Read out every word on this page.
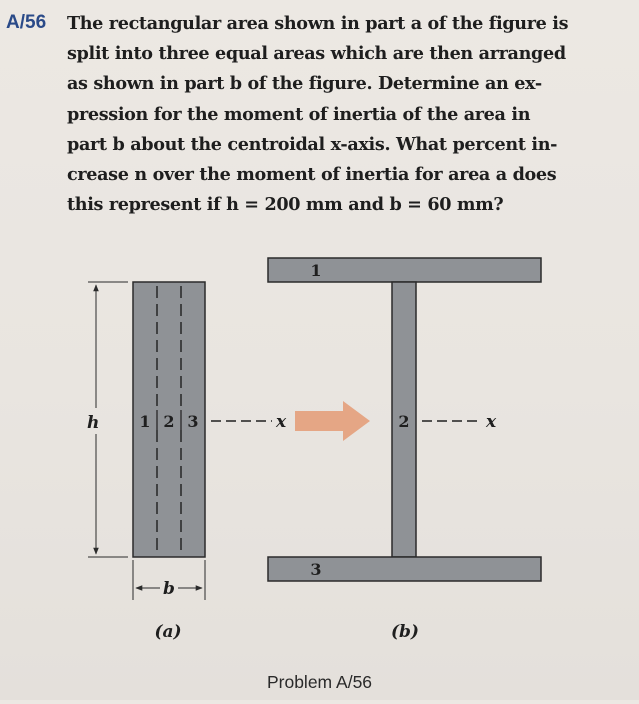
A/56 The rectangular area shown in part a of the figure is
split into three equal areas which are then arranged
as shown in part b of the figure. Determine an ex-
pression for the moment of inertia of the area in
part b about the centroidal x-axis. What percent in-
crease n over the moment of inertia for area a does
this represent if h = 200 mm and b = 60 mm?

h	1 2 3	x
b
(a)
1
2
3
x
(b)
Problem A/56
